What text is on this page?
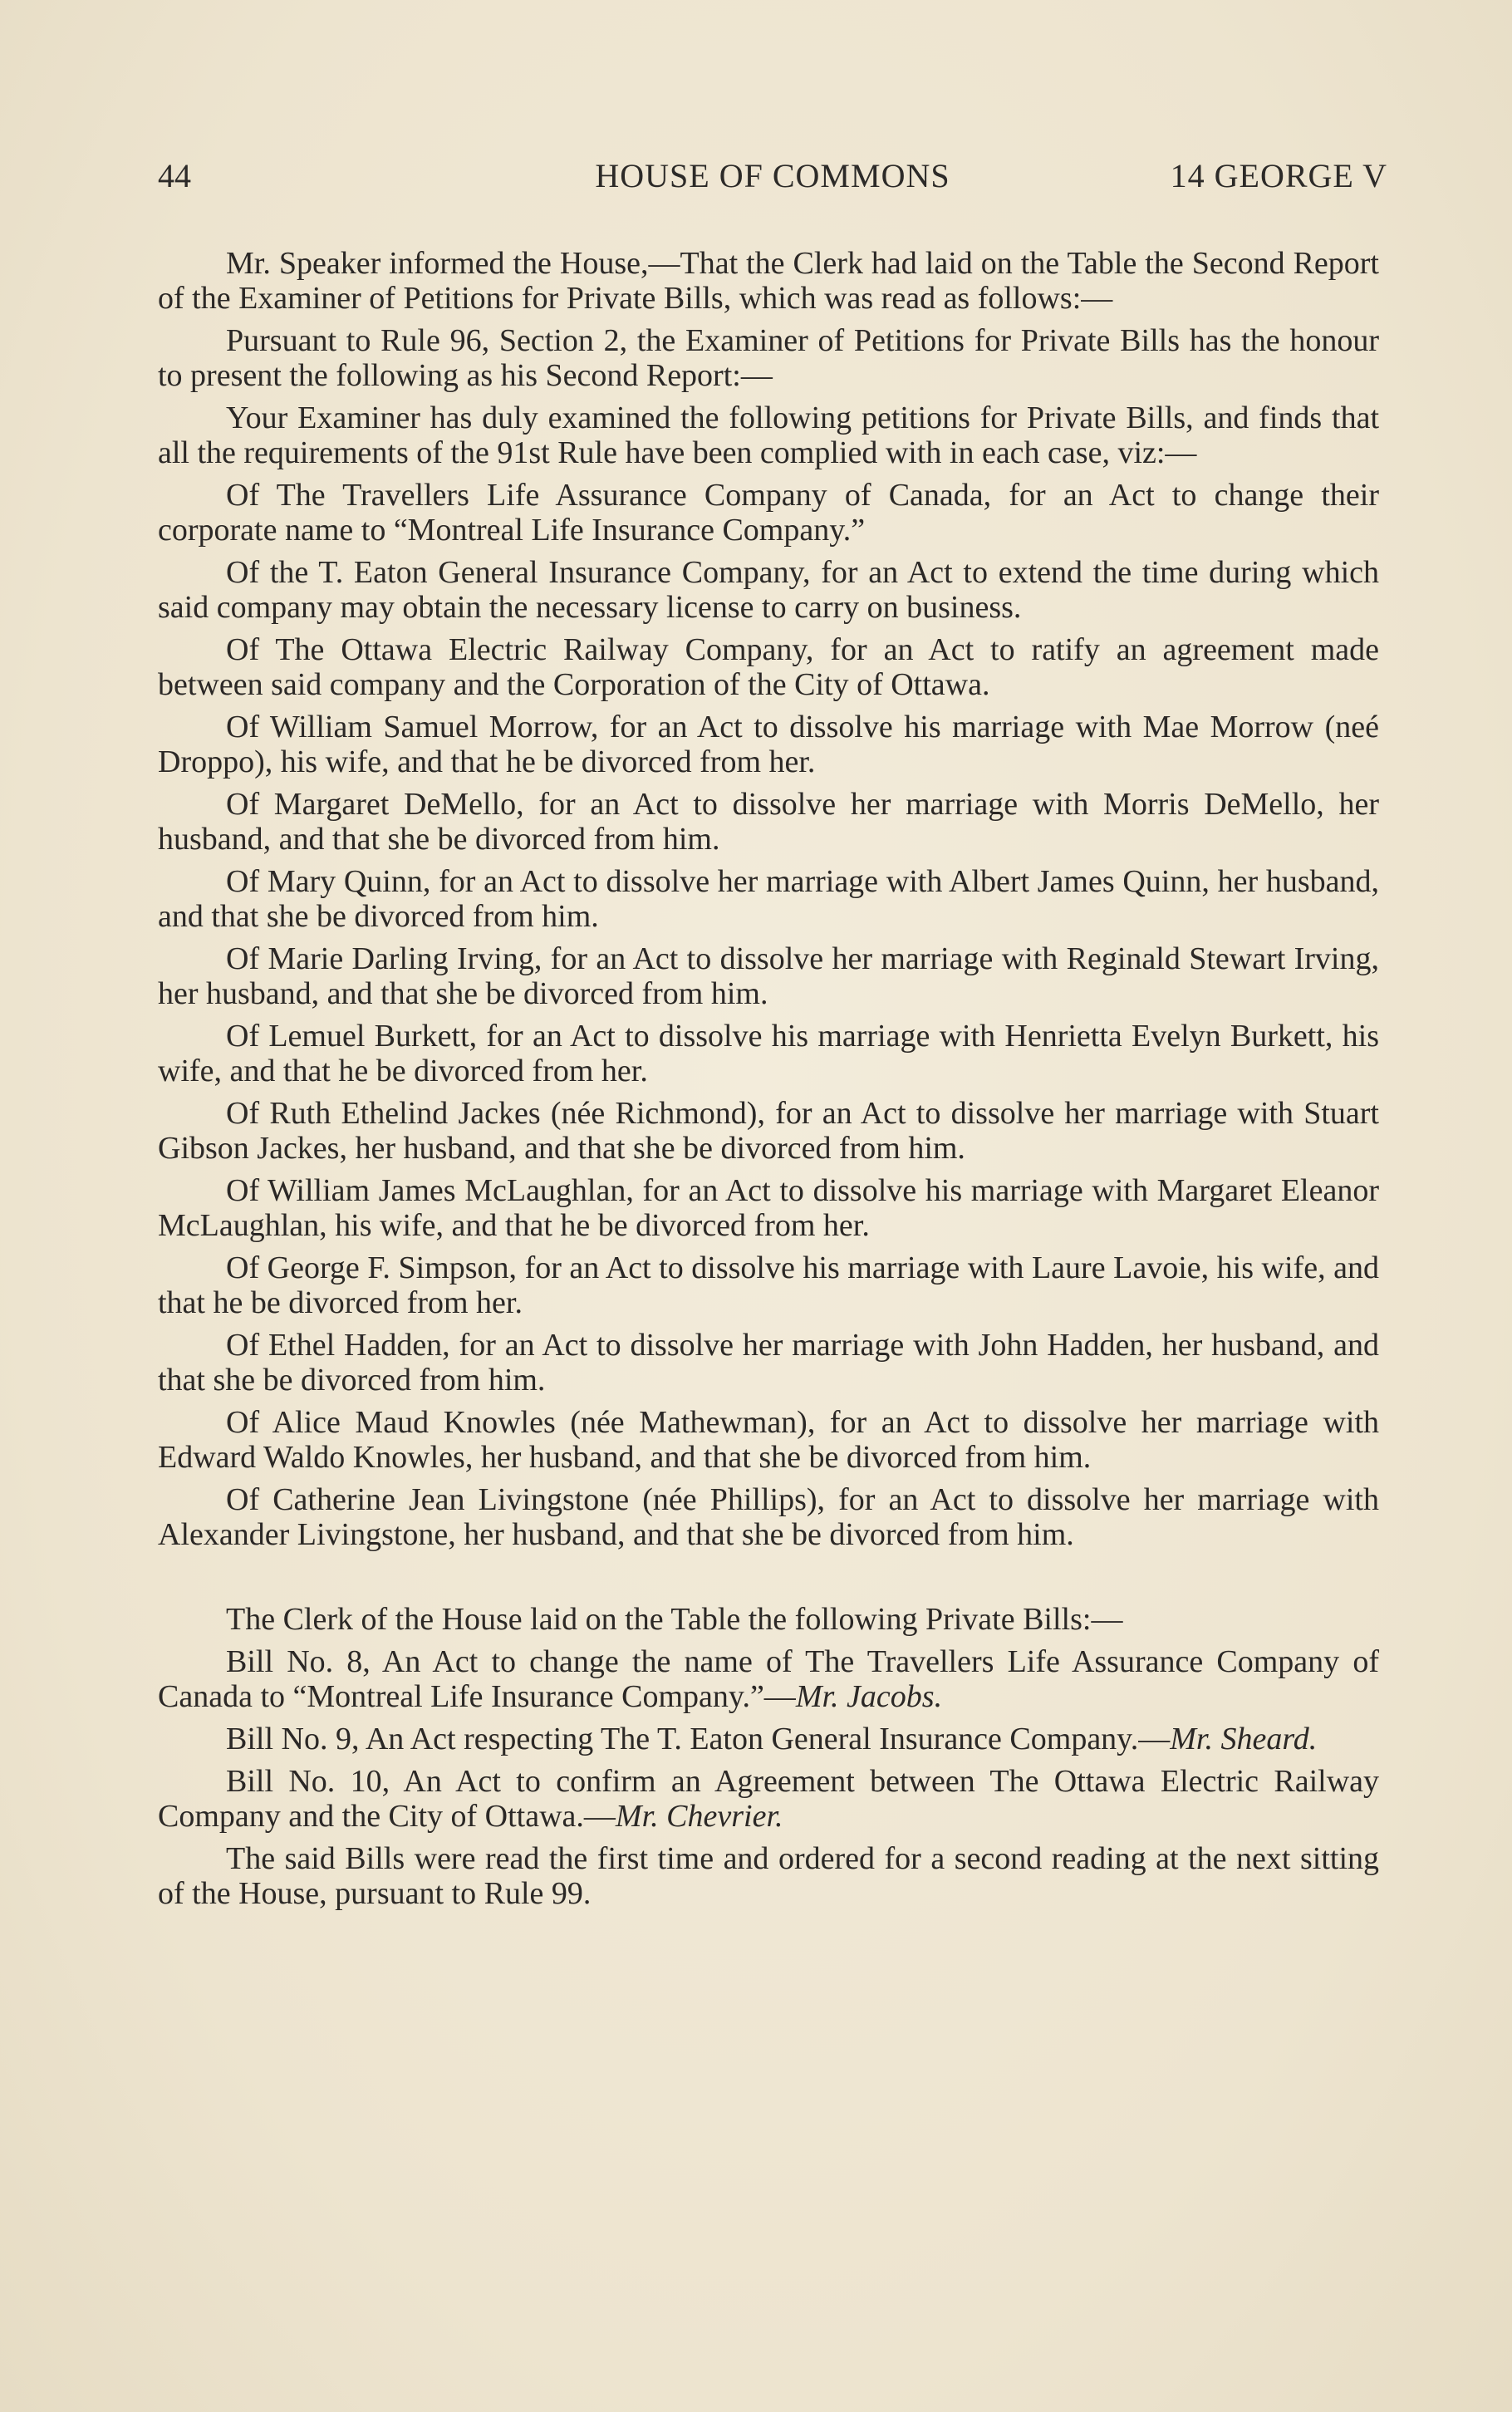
44	HOUSE OF COMMONS	14 GEORGE V

Mr. Speaker informed the House,—That the Clerk had laid on the Table the Second Report of the Examiner of Petitions for Private Bills, which was read as follows:—

Pursuant to Rule 96, Section 2, the Examiner of Petitions for Private Bills has the honour to present the following as his Second Report:—

Your Examiner has duly examined the following petitions for Private Bills, and finds that all the requirements of the 91st Rule have been complied with in each case, viz:—

Of The Travellers Life Assurance Company of Canada, for an Act to change their corporate name to “Montreal Life Insurance Company.”

Of the T. Eaton General Insurance Company, for an Act to extend the time during which said company may obtain the necessary license to carry on business.

Of The Ottawa Electric Railway Company, for an Act to ratify an agreement made between said company and the Corporation of the City of Ottawa.

Of William Samuel Morrow, for an Act to dissolve his marriage with Mae Morrow (neé Droppo), his wife, and that he be divorced from her.

Of Margaret DeMello, for an Act to dissolve her marriage with Morris DeMello, her husband, and that she be divorced from him.

Of Mary Quinn, for an Act to dissolve her marriage with Albert James Quinn, her husband, and that she be divorced from him.

Of Marie Darling Irving, for an Act to dissolve her marriage with Reginald Stewart Irving, her husband, and that she be divorced from him.

Of Lemuel Burkett, for an Act to dissolve his marriage with Henrietta Evelyn Burkett, his wife, and that he be divorced from her.

Of Ruth Ethelind Jackes (née Richmond), for an Act to dissolve her marriage with Stuart Gibson Jackes, her husband, and that she be divorced from him.

Of William James McLaughlan, for an Act to dissolve his marriage with Margaret Eleanor McLaughlan, his wife, and that he be divorced from her.

Of George F. Simpson, for an Act to dissolve his marriage with Laure Lavoie, his wife, and that he be divorced from her.

Of Ethel Hadden, for an Act to dissolve her marriage with John Hadden, her husband, and that she be divorced from him.

Of Alice Maud Knowles (née Mathewman), for an Act to dissolve her marriage with Edward Waldo Knowles, her husband, and that she be divorced from him.

Of Catherine Jean Livingstone (née Phillips), for an Act to dissolve her marriage with Alexander Livingstone, her husband, and that she be divorced from him.

The Clerk of the House laid on the Table the following Private Bills:—

Bill No. 8, An Act to change the name of The Travellers Life Assurance Company of Canada to “Montreal Life Insurance Company.”—Mr. Jacobs.

Bill No. 9, An Act respecting The T. Eaton General Insurance Company.—Mr. Sheard.

Bill No. 10, An Act to confirm an Agreement between The Ottawa Electric Railway Company and the City of Ottawa.—Mr. Chevrier.

The said Bills were read the first time and ordered for a second reading at the next sitting of the House, pursuant to Rule 99.
